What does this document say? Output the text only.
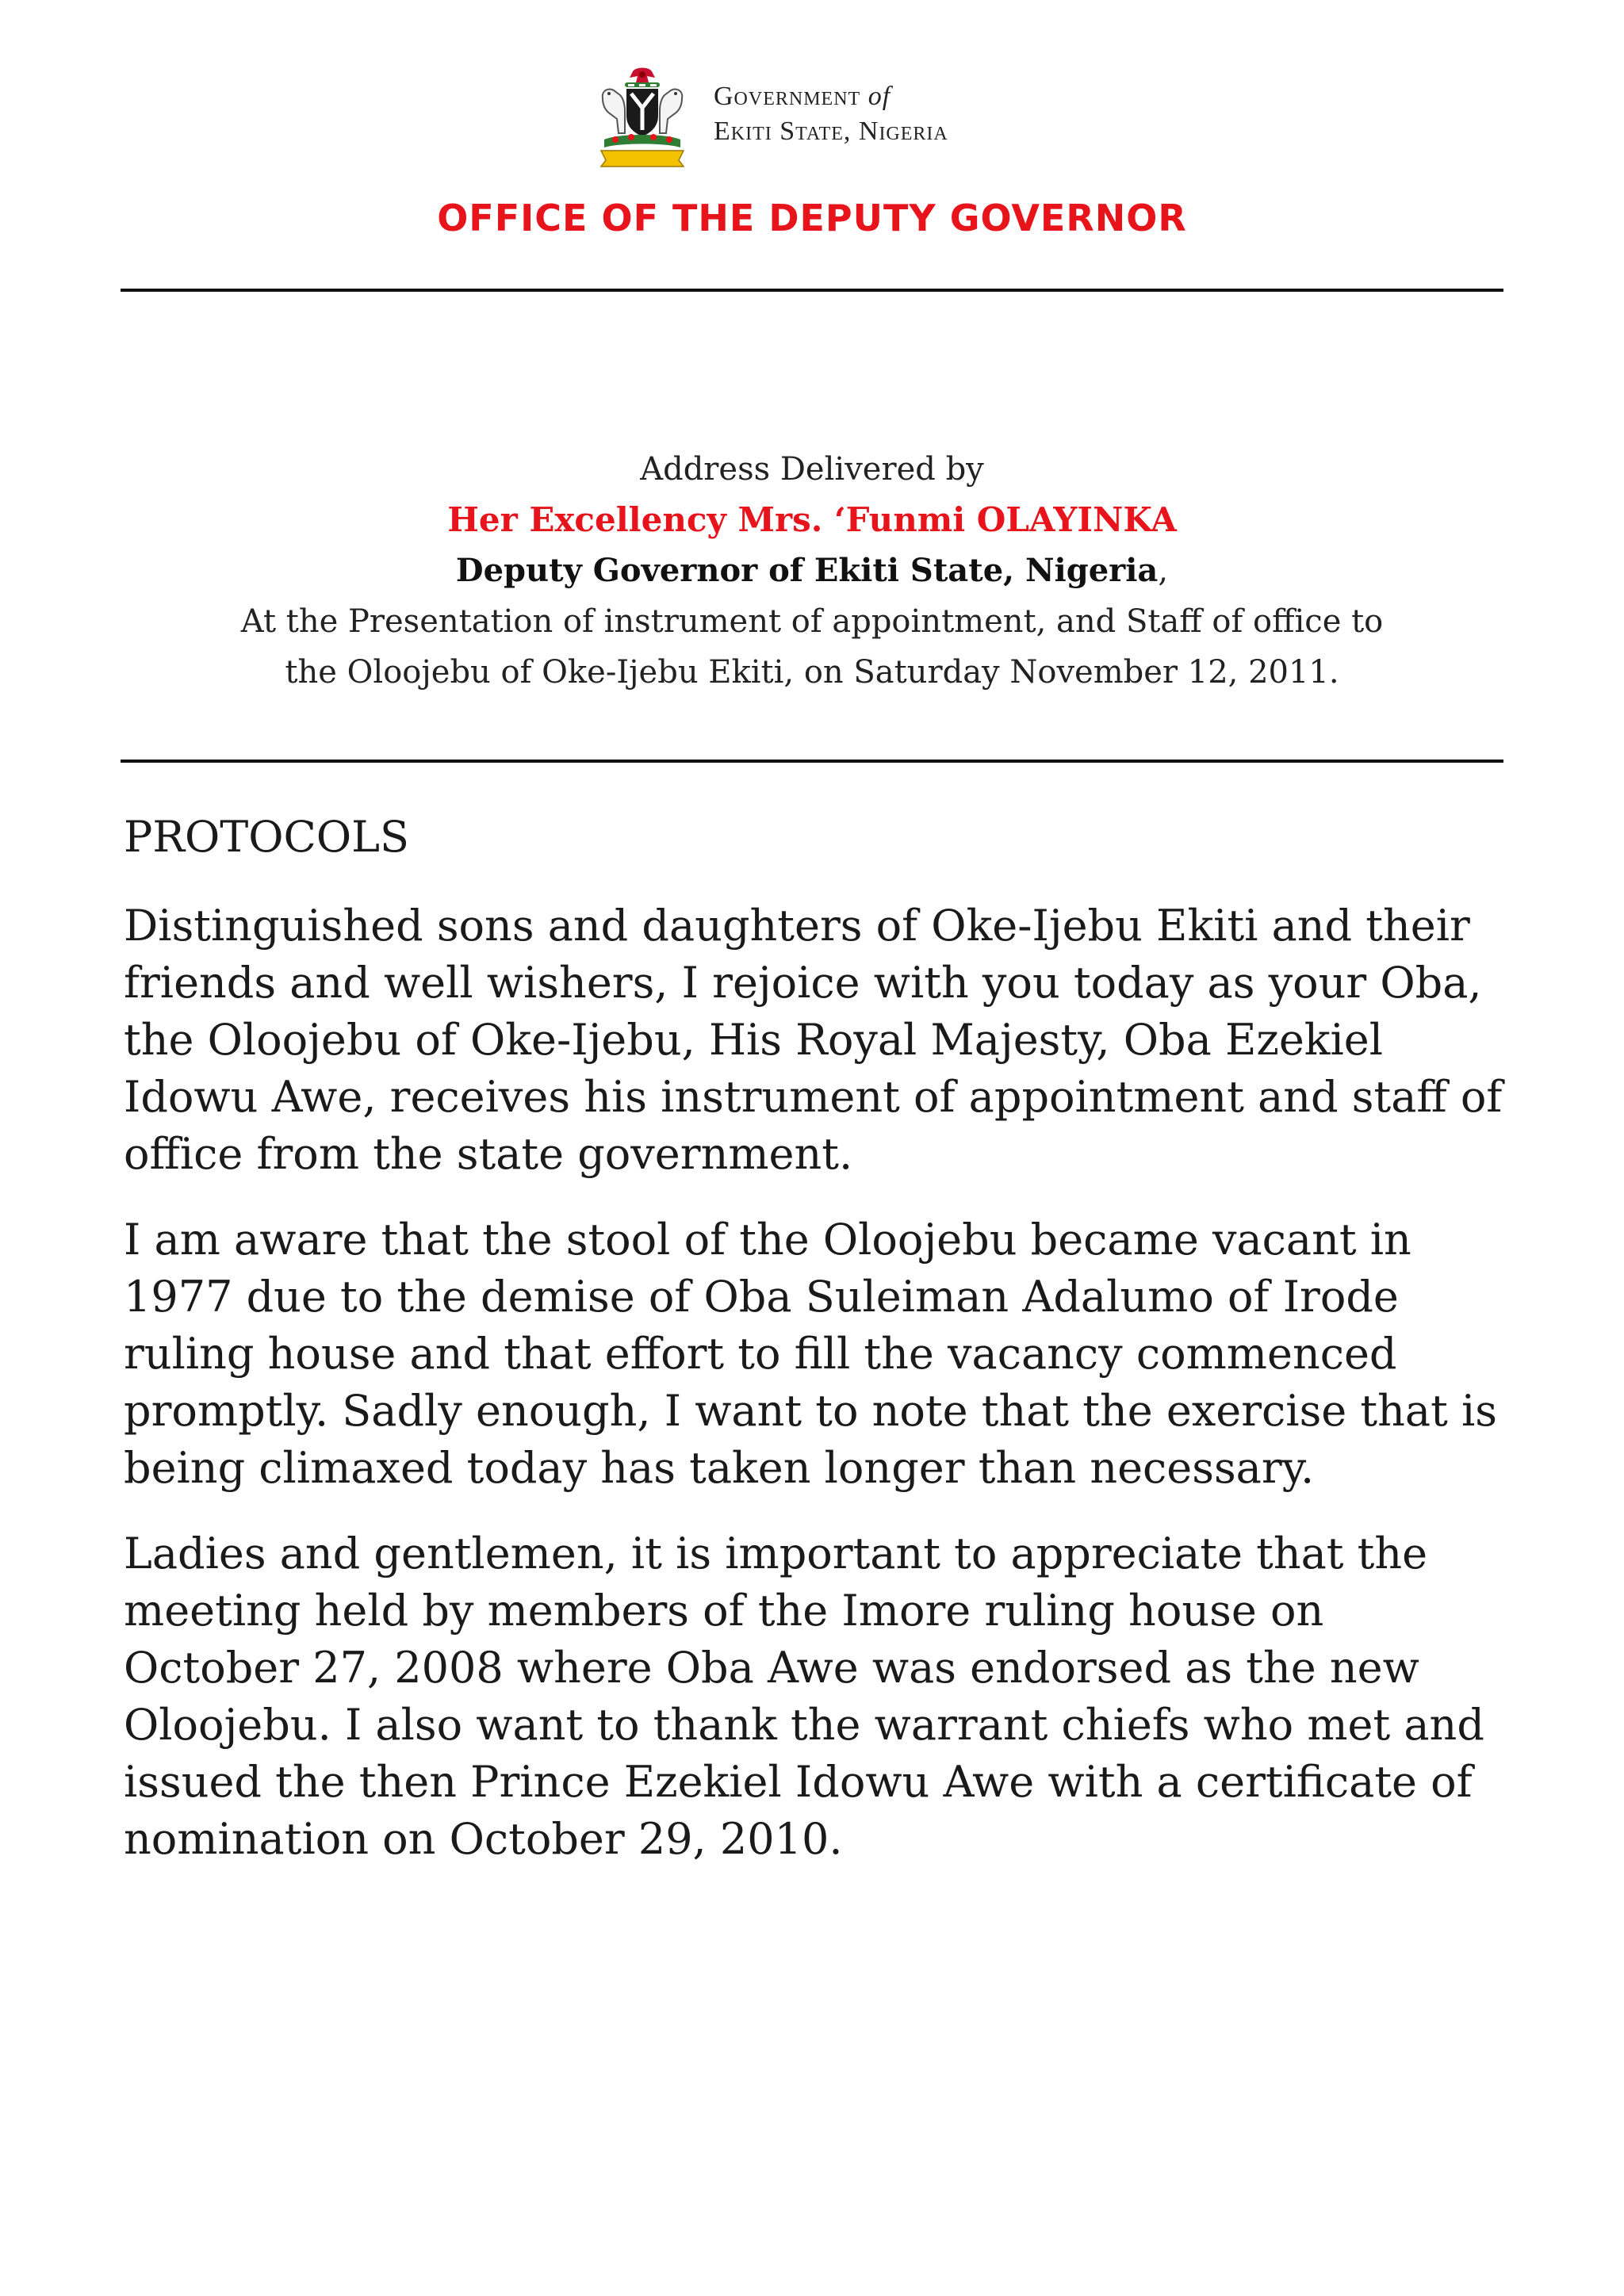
Government of
Ekiti State, Nigeria
OFFICE OF THE DEPUTY GOVERNOR
Address Delivered by
Her Excellency Mrs. ‘Funmi OLAYINKA
Deputy Governor of Ekiti State, Nigeria,
At the Presentation of instrument of appointment, and Staff of office to
the Oloojebu of Oke-Ijebu Ekiti, on Saturday November 12, 2011.

PROTOCOLS

Distinguished sons and daughters of Oke-Ijebu Ekiti and their friends and well wishers, I rejoice with you today as your Oba, the Oloojebu of Oke-Ijebu, His Royal Majesty, Oba Ezekiel Idowu Awe, receives his instrument of appointment and staff of office from the state government.

I am aware that the stool of the Oloojebu became vacant in 1977 due to the demise of Oba Suleiman Adalumo of Irode ruling house and that effort to fill the vacancy commenced promptly. Sadly enough, I want to note that the exercise that is being climaxed today has taken longer than necessary.

Ladies and gentlemen, it is important to appreciate that the meeting held by members of the Imore ruling house on October 27, 2008 where Oba Awe was endorsed as the new Oloojebu. I also want to thank the warrant chiefs who met and issued the then Prince Ezekiel Idowu Awe with a certificate of nomination on October 29, 2010.
